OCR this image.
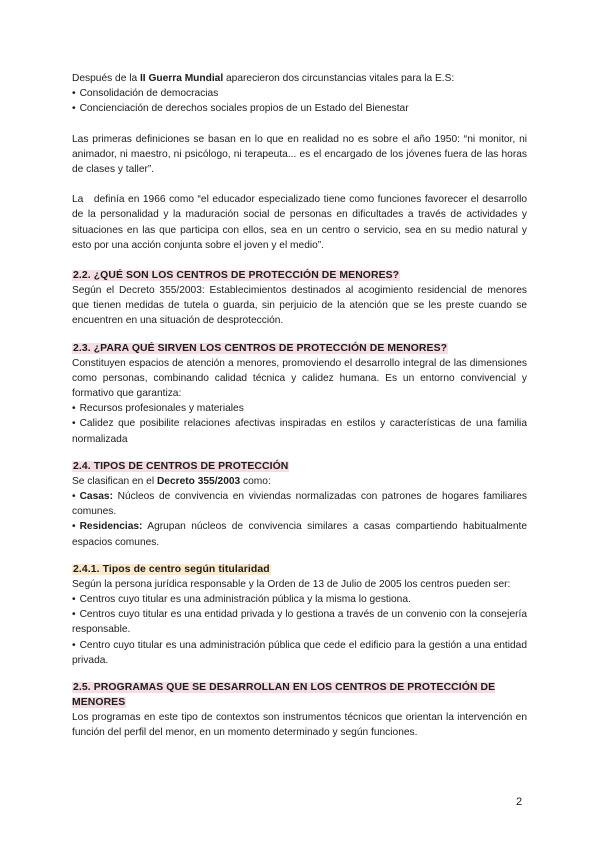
Después de la II Guerra Mundial aparecieron dos circunstancias vitales para la E.S:

• Consolidación de democracias
• Concienciación de derechos sociales propios de un Estado del Bienestar

Las primeras definiciones se basan en lo que en realidad no es sobre el año 1950: “ni monitor, ni animador, ni maestro, ni psicólogo, ni terapeuta... es el encargado de los jóvenes fuera de las horas de clases y taller”.

La   definía en 1966 como “el educador especializado tiene como funciones favorecer el desarrollo de la personalidad y la maduración social de personas en dificultades a través de actividades y situaciones en las que participa con ellos, sea en un centro o servicio, sea en su medio natural y esto por una acción conjunta sobre el joven y el medio”.

2.2. ¿QUÉ SON LOS CENTROS DE PROTECCIÓN DE MENORES?

Según el Decreto 355/2003: Establecimientos destinados al acogimiento residencial de menores que tienen medidas de tutela o guarda, sin perjuicio de la atención que se les preste cuando se encuentren en una situación de desprotección.

2.3. ¿PARA QUÉ SIRVEN LOS CENTROS DE PROTECCIÓN DE MENORES?

Constituyen espacios de atención a menores, promoviendo el desarrollo integral de las dimensiones como personas, combinando calidad técnica y calidez humana. Es un entorno convivencial y formativo que garantiza:

• Recursos profesionales y materiales
• Calidez que posibilite relaciones afectivas inspiradas en estilos y características de una familia normalizada

2.4. TIPOS DE CENTROS DE PROTECCIÓN

Se clasifican en el Decreto 355/2003 como:

• Casas: Núcleos de convivencia en viviendas normalizadas con patrones de hogares familiares comunes.

• Residencias: Agrupan núcleos de convivencia similares a casas compartiendo habitualmente espacios comunes.

2.4.1. Tipos de centro según titularidad

Según la persona jurídica responsable y la Orden de 13 de Julio de 2005 los centros pueden ser:

• Centros cuyo titular es una administración pública y la misma lo gestiona.
• Centros cuyo titular es una entidad privada y lo gestiona a través de un convenio con la consejería responsable.
• Centro cuyo titular es una administración pública que cede el edificio para la gestión a una entidad privada.

2.5. PROGRAMAS QUE SE DESARROLLAN EN LOS CENTROS DE PROTECCIÓN DE MENORES

Los programas en este tipo de contextos son instrumentos técnicos que orientan la intervención en función del perfil del menor, en un momento determinado y según funciones.

2
